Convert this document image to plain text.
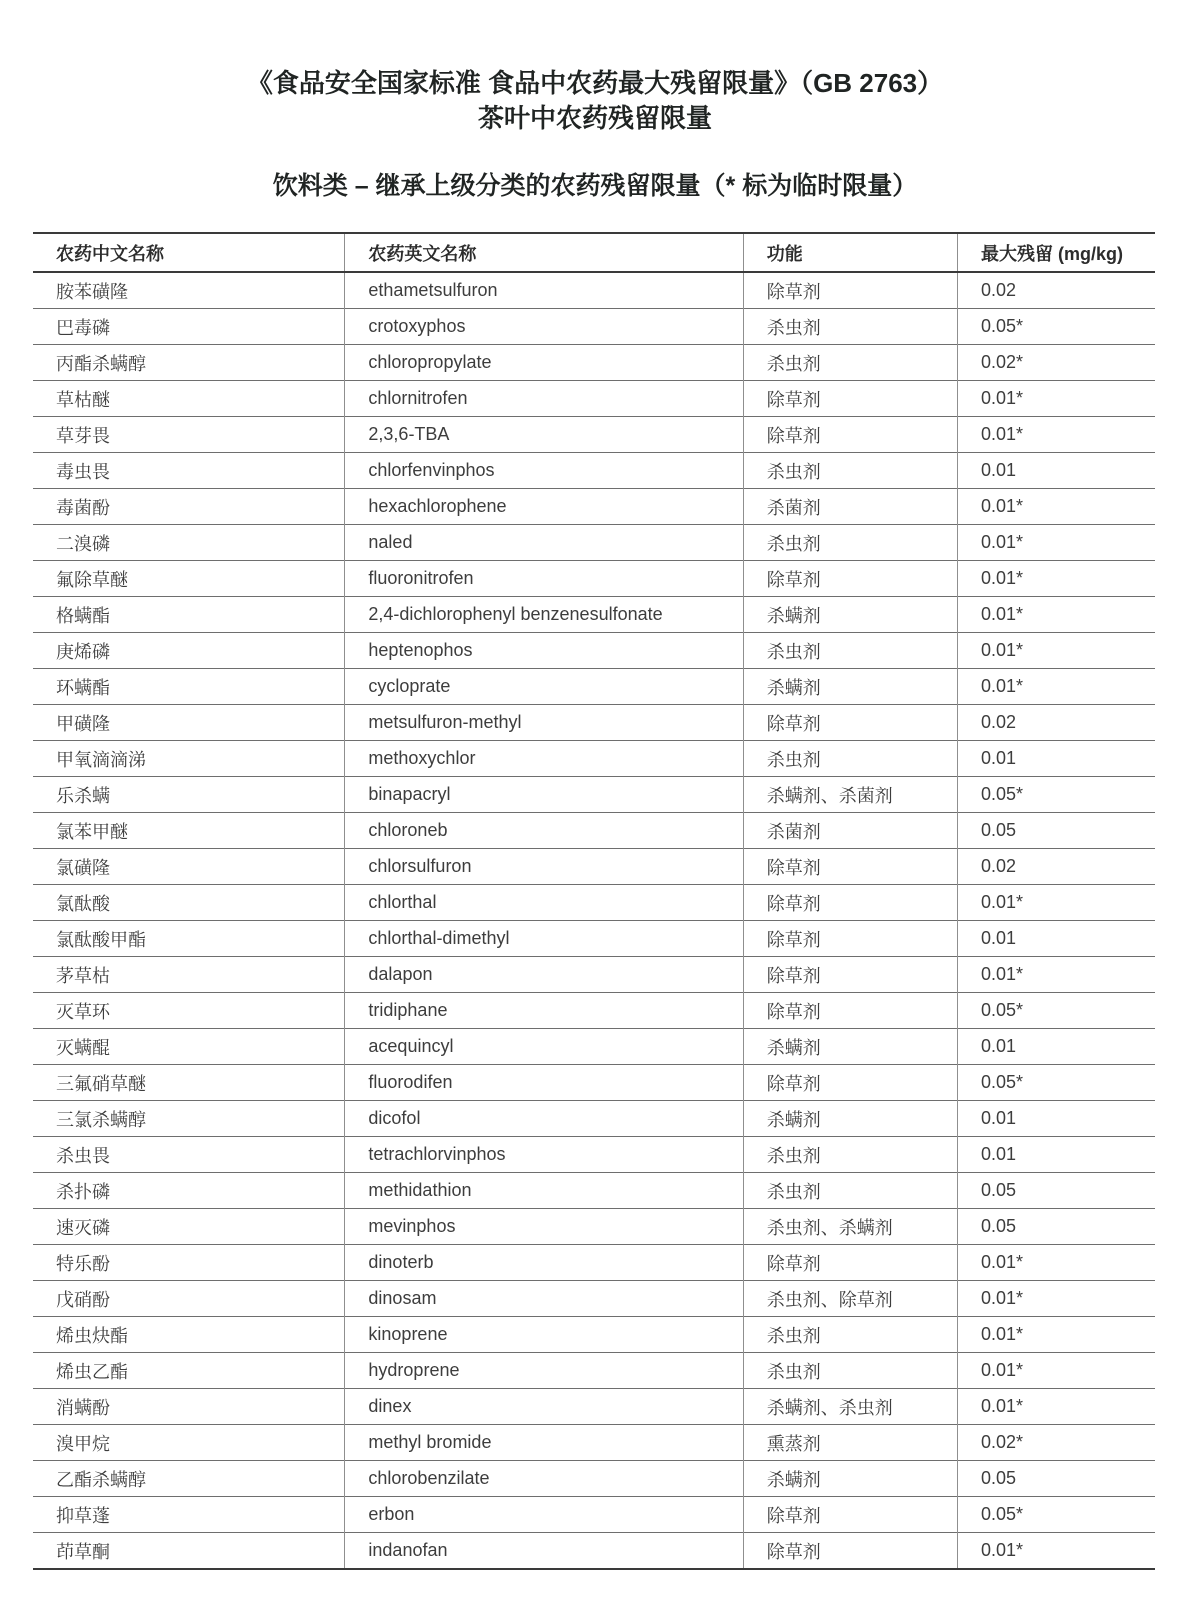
《食品安全国家标准 食品中农药最大残留限量》（GB 2763）
茶叶中农药残留限量
饮料类 – 继承上级分类的农药残留限量（* 标为临时限量）
农药中文名称	农药英文名称	功能	最大残留 (mg/kg)
胺苯磺隆	ethametsulfuron	除草剂	0.02
巴毒磷	crotoxyphos	杀虫剂	0.05*
丙酯杀螨醇	chloropropylate	杀虫剂	0.02*
草枯醚	chlornitrofen	除草剂	0.01*
草芽畏	2,3,6-TBA	除草剂	0.01*
毒虫畏	chlorfenvinphos	杀虫剂	0.01
毒菌酚	hexachlorophene	杀菌剂	0.01*
二溴磷	naled	杀虫剂	0.01*
氟除草醚	fluoronitrofen	除草剂	0.01*
格螨酯	2,4-dichlorophenyl benzenesulfonate	杀螨剂	0.01*
庚烯磷	heptenophos	杀虫剂	0.01*
环螨酯	cycloprate	杀螨剂	0.01*
甲磺隆	metsulfuron-methyl	除草剂	0.02
甲氧滴滴涕	methoxychlor	杀虫剂	0.01
乐杀螨	binapacryl	杀螨剂、杀菌剂	0.05*
氯苯甲醚	chloroneb	杀菌剂	0.05
氯磺隆	chlorsulfuron	除草剂	0.02
氯酞酸	chlorthal	除草剂	0.01*
氯酞酸甲酯	chlorthal-dimethyl	除草剂	0.01
茅草枯	dalapon	除草剂	0.01*
灭草环	tridiphane	除草剂	0.05*
灭螨醌	acequincyl	杀螨剂	0.01
三氟硝草醚	fluorodifen	除草剂	0.05*
三氯杀螨醇	dicofol	杀螨剂	0.01
杀虫畏	tetrachlorvinphos	杀虫剂	0.01
杀扑磷	methidathion	杀虫剂	0.05
速灭磷	mevinphos	杀虫剂、杀螨剂	0.05
特乐酚	dinoterb	除草剂	0.01*
戊硝酚	dinosam	杀虫剂、除草剂	0.01*
烯虫炔酯	kinoprene	杀虫剂	0.01*
烯虫乙酯	hydroprene	杀虫剂	0.01*
消螨酚	dinex	杀螨剂、杀虫剂	0.01*
溴甲烷	methyl bromide	熏蒸剂	0.02*
乙酯杀螨醇	chlorobenzilate	杀螨剂	0.05
抑草蓬	erbon	除草剂	0.05*
茚草酮	indanofan	除草剂	0.01*
